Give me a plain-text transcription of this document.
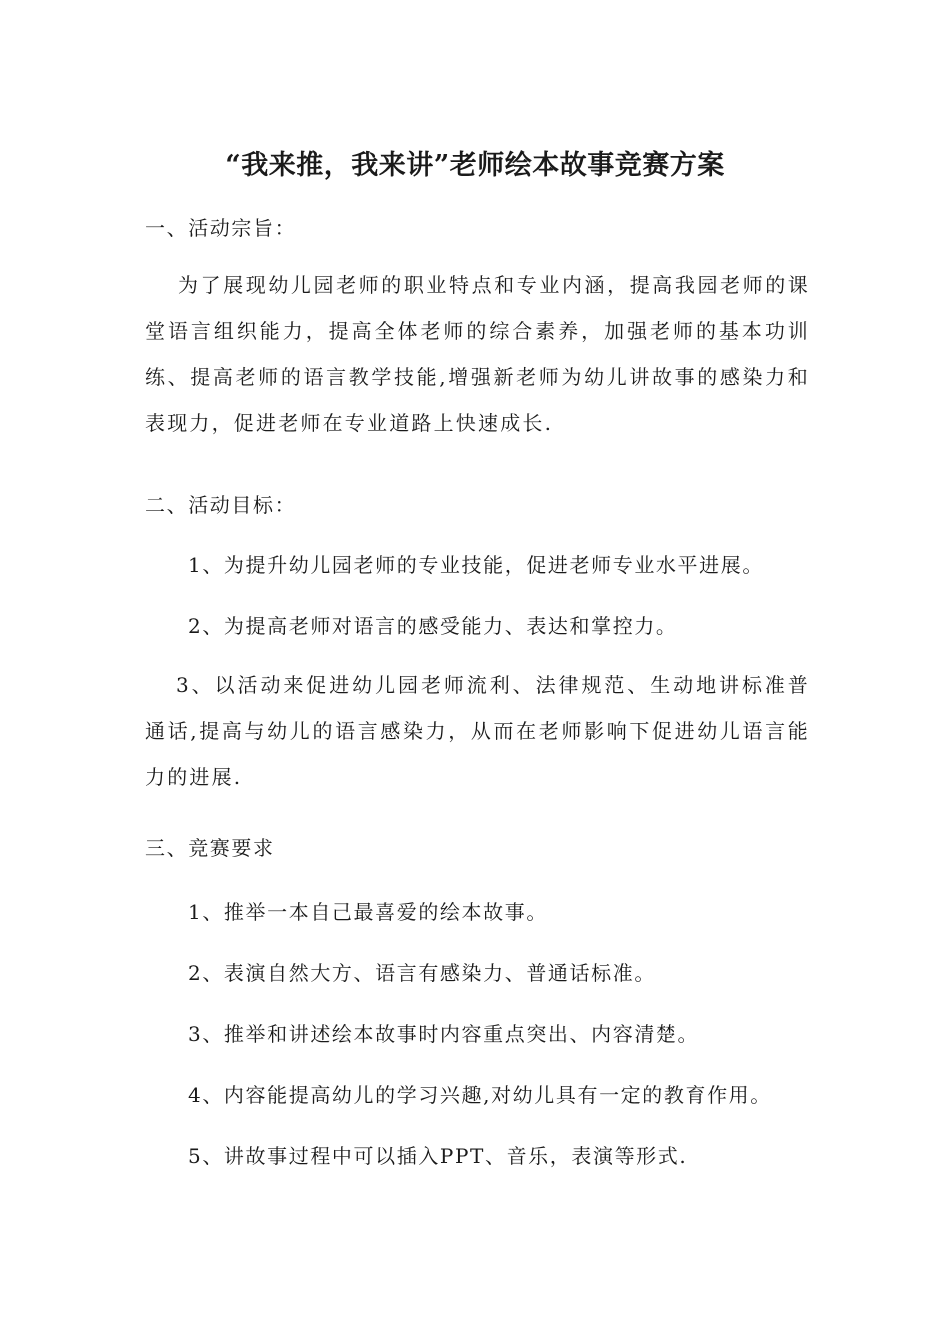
“我来推，我来讲”老师绘本故事竞赛方案
一、活动宗旨：
为了展现幼儿园老师的职业特点和专业内涵，提高我园老师的课堂语言组织能力，提高全体老师的综合素养，加强老师的基本功训练、提高老师的语言教学技能,增强新老师为幼儿讲故事的感染力和表现力，促进老师在专业道路上快速成长.
二、活动目标：
1、为提升幼儿园老师的专业技能，促进老师专业水平进展。
2、为提高老师对语言的感受能力、表达和掌控力。
3、以活动来促进幼儿园老师流利、法律规范、生动地讲标准普通话,提高与幼儿的语言感染力，从而在老师影响下促进幼儿语言能力的进展.
三、竞赛要求
1、推举一本自己最喜爱的绘本故事。
2、表演自然大方、语言有感染力、普通话标准。
3、推举和讲述绘本故事时内容重点突出、内容清楚。
4、内容能提高幼儿的学习兴趣,对幼儿具有一定的教育作用。
5、讲故事过程中可以插入PPT、音乐，表演等形式.
